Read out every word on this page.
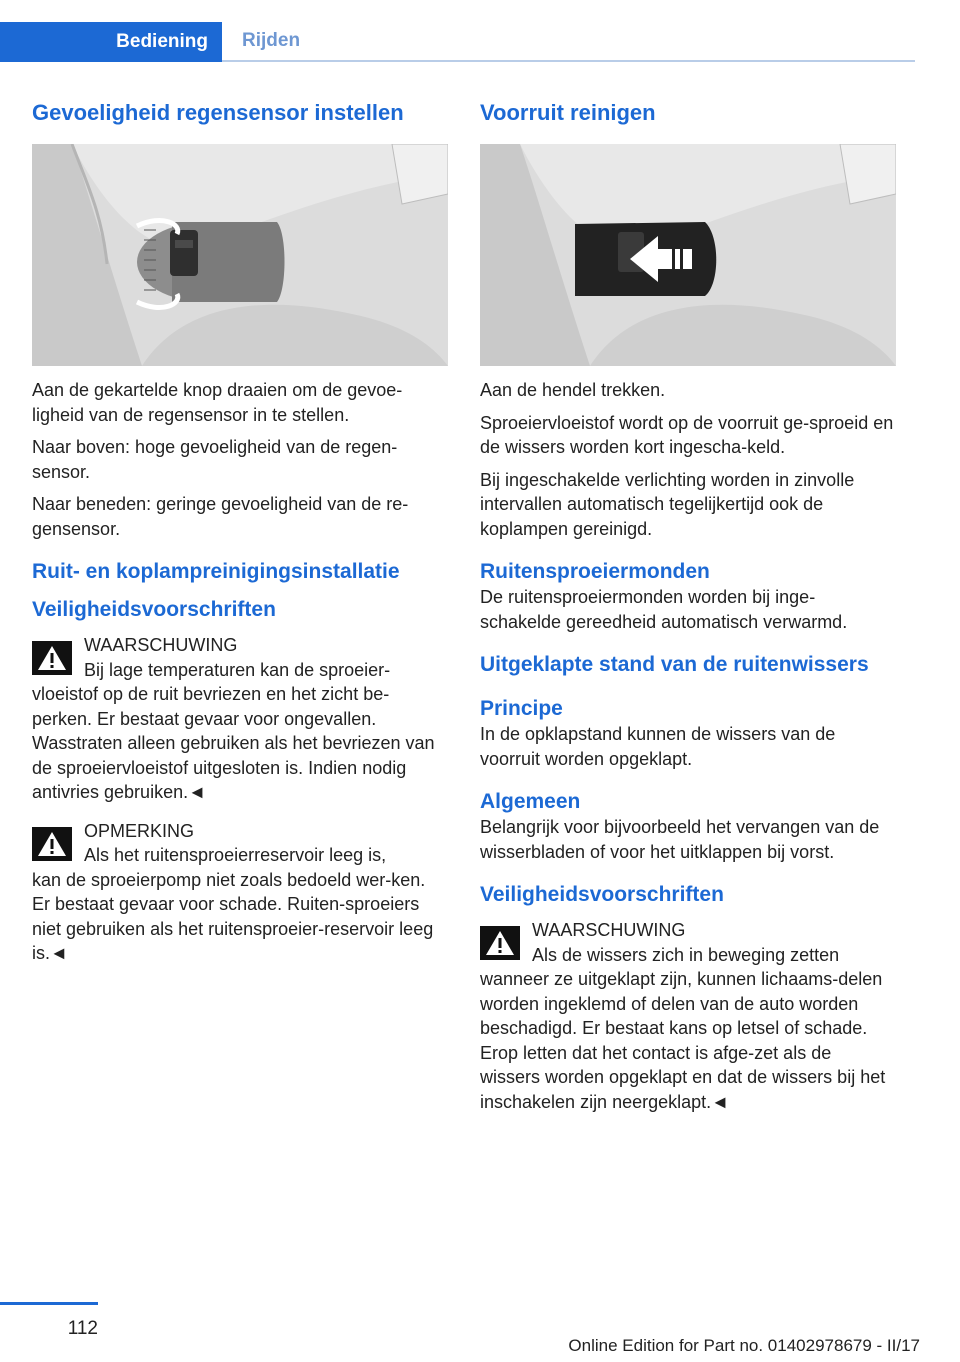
Bediening	Rijden
Gevoeligheid regensensor instellen

Aan de gekartelde knop draaien om de gevoe-ligheid van de regensensor in te stellen.

Naar boven: hoge gevoeligheid van de regen-sensor.

Naar beneden: geringe gevoeligheid van de re-gensensor.

Ruit- en koplampreinigingsinstallatie
Veiligheidsvoorschriften
WAARSCHUWING
Bij lage temperaturen kan de sproeier-

vloeistof op de ruit bevriezen en het zicht be-perken. Er bestaat gevaar voor ongevallen. Wasstraten alleen gebruiken als het bevriezen van de sproeiervloeistof uitgesloten is. Indien nodig antivries gebruiken.◄

OPMERKING
Als het ruitensproeierreservoir leeg is,

kan de sproeierpomp niet zoals bedoeld wer-ken. Er bestaat gevaar voor schade. Ruiten-sproeiers niet gebruiken als het ruitensproeier-reservoir leeg is.◄

Voorruit reinigen

Aan de hendel trekken.

Sproeiervloeistof wordt op de voorruit ge-sproeid en de wissers worden kort ingescha-keld.

Bij ingeschakelde verlichting worden in zinvolle intervallen automatisch tegelijkertijd ook de koplampen gereinigd.

Ruitensproeiermonden

De ruitensproeiermonden worden bij inge-schakelde gereedheid automatisch verwarmd.

Uitgeklapte stand van de ruitenwissers
Principe

In de opklapstand kunnen de wissers van de voorruit worden opgeklapt.

Algemeen

Belangrijk voor bijvoorbeeld het vervangen van de wisserbladen of voor het uitklappen bij vorst.

Veiligheidsvoorschriften
WAARSCHUWING
Als de wissers zich in beweging zetten

wanneer ze uitgeklapt zijn, kunnen lichaams-delen worden ingeklemd of delen van de auto worden beschadigd. Er bestaat kans op letsel of schade. Erop letten dat het contact is afge-zet als de wissers worden opgeklapt en dat de wissers bij het inschakelen zijn neergeklapt.◄

112
Online Edition for Part no. 01402978679 - II/17
